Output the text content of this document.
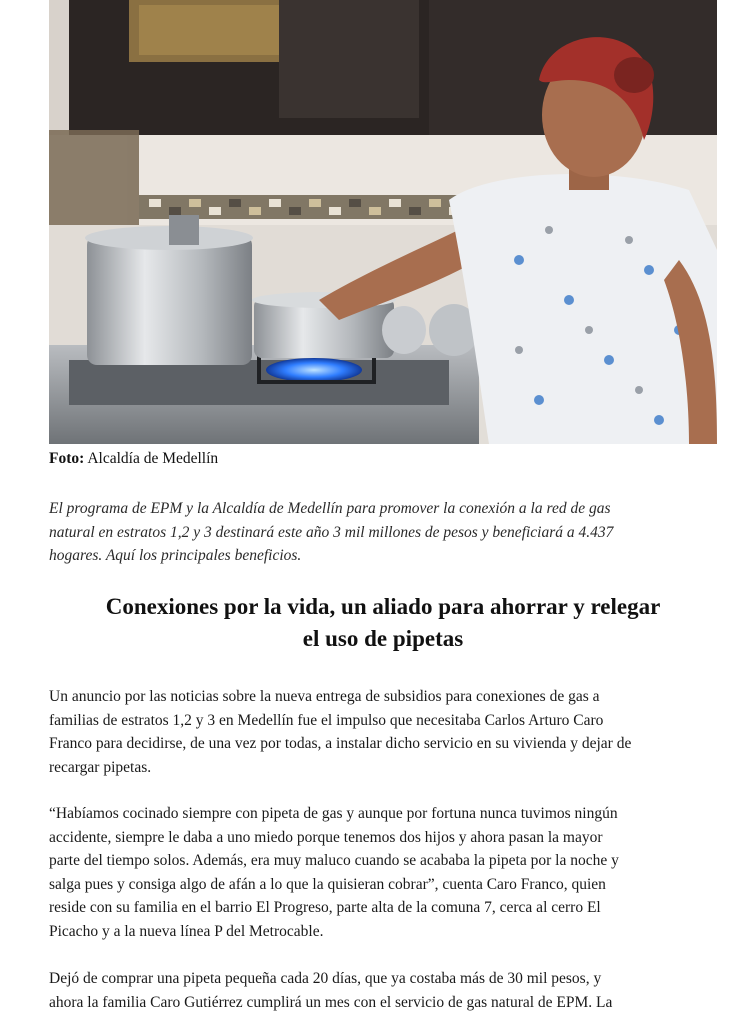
Foto: Alcaldía de Medellín
El programa de EPM y la Alcaldía de Medellín para promover la conexión a la red de gas
natural en estratos 1,2 y 3 destinará este año 3 mil millones de pesos y beneficiará a 4.437
hogares. Aquí los principales beneficios.
Conexiones por la vida, un aliado para ahorrar y relegar
el uso de pipetas

Un anuncio por las noticias sobre la nueva entrega de subsidios para conexiones de gas a
familias de estratos 1,2 y 3 en Medellín fue el impulso que necesitaba Carlos Arturo Caro
Franco para decidirse, de una vez por todas, a instalar dicho servicio en su vivienda y dejar de
recargar pipetas.

“Habíamos cocinado siempre con pipeta de gas y aunque por fortuna nunca tuvimos ningún
accidente, siempre le daba a uno miedo porque tenemos dos hijos y ahora pasan la mayor
parte del tiempo solos. Además, era muy maluco cuando se acababa la pipeta por la noche y
salga pues y consiga algo de afán a lo que la quisieran cobrar”, cuenta Caro Franco, quien
reside con su familia en el barrio El Progreso, parte alta de la comuna 7, cerca al cerro El
Picacho y a la nueva línea P del Metrocable.

Dejó de comprar una pipeta pequeña cada 20 días, que ya costaba más de 30 mil pesos, y
ahora la familia Caro Gutiérrez cumplirá un mes con el servicio de gas natural de EPM. La
